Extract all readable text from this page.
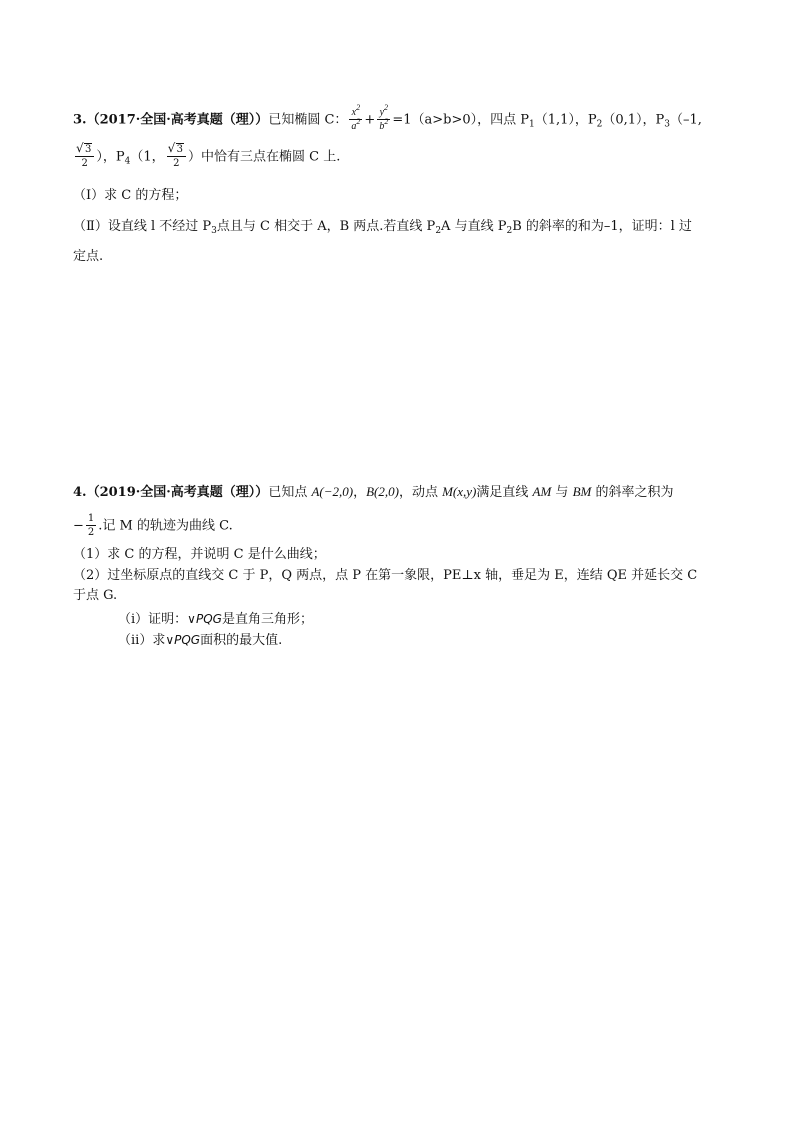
3.（2017·全国·高考真题（理））已知椭圆 C： $\frac{x^2}{a^2} + \frac{y^2}{b^2} =1(a>b>0)$，四点 $P_1(1,1)$，$P_2(0,1)$，$P_3(-1$,
√ $\frac{3}{2}$ ），$P_4(1$，
√ $\frac{3}{2}$ ）中恰有三点在椭圆 C 上.
（Ⅰ）求 C 的方程；
（Ⅱ）设直线 l 不经过 $P_3$点且与 C 相交于 A，B 两点.若直线 $P_2A$ 与直线 $P_2B$ 的斜率的和为–1，证明：l 过
定点.
4.（2019·全国·高考真题（理））已知点 A(−2,0)，B(2,0)，动点 M(x,y)满足直线 AM 与 BM 的斜率之积为
− $\frac{1}{2}$ .记 M 的轨迹为曲线 C.
（1）求 C 的方程，并说明 C 是什么曲线；
（2）过坐标原点的直线交 C 于 P，Q 两点，点 P 在第一象限，PE⊥x 轴，垂足为 E，连结 QE 并延长交 C
于点 G.
（i）证明：∨PQG是直角三角形；
（ii）求∨PQG面积的最大值.
